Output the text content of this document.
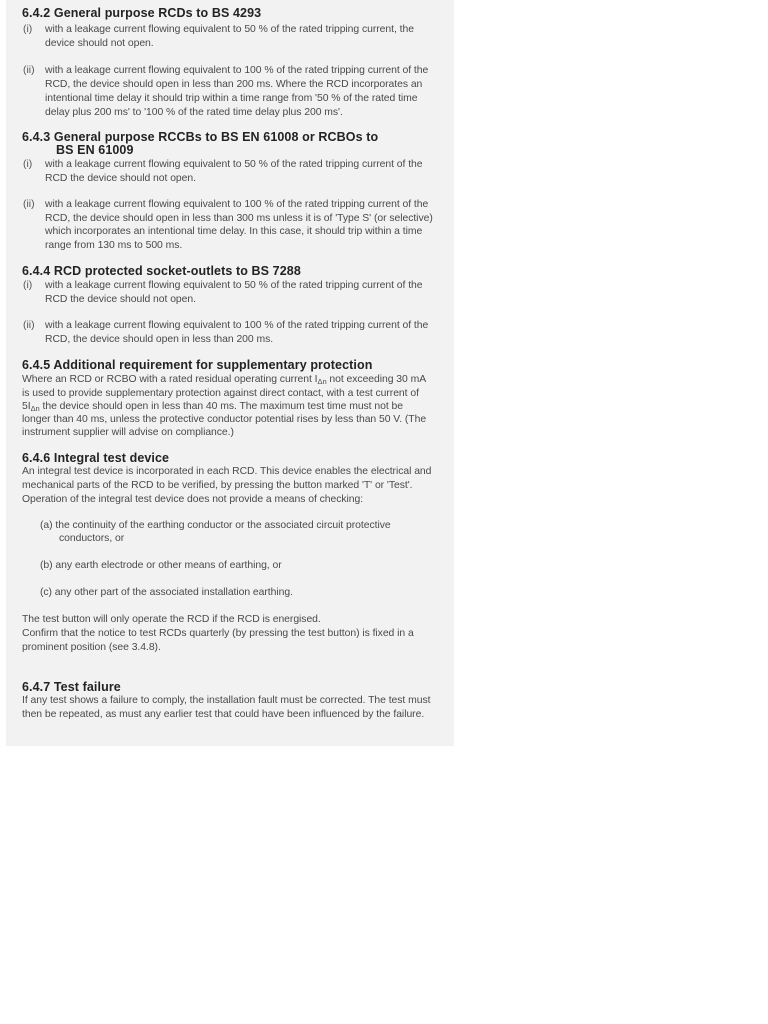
6.4.2 General purpose RCDs to BS 4293
(i) with a leakage current flowing equivalent to 50 % of the rated tripping current, the
device should not open.
(ii) with a leakage current flowing equivalent to 100 % of the rated tripping current of the
RCD, the device should open in less than 200 ms. Where the RCD incorporates an
intentional time delay it should trip within a time range from '50 % of the rated time
delay plus 200 ms' to '100 % of the rated time delay plus 200 ms'.
6.4.3 General purpose RCCBs to BS EN 61008 or RCBOs to
BS EN 61009
(i) with a leakage current flowing equivalent to 50 % of the rated tripping current of the
RCD the device should not open.
(ii) with a leakage current flowing equivalent to 100 % of the rated tripping current of the
RCD, the device should open in less than 300 ms unless it is of 'Type S' (or selective)
which incorporates an intentional time delay. In this case, it should trip within a time
range from 130 ms to 500 ms.
6.4.4 RCD protected socket-outlets to BS 7288
(i) with a leakage current flowing equivalent to 50 % of the rated tripping current of the
RCD the device should not open.
(ii) with a leakage current flowing equivalent to 100 % of the rated tripping current of the
RCD, the device should open in less than 200 ms.
6.4.5 Additional requirement for supplementary protection
Where an RCD or RCBO with a rated residual operating current $I_{\Delta n}$ not exceeding 30 mA
is used to provide supplementary protection against direct contact, with a test current of
$5I_{\Delta n}$ the device should open in less than 40 ms. The maximum test time must not be
longer than 40 ms, unless the protective conductor potential rises by less than 50 V. (The
instrument supplier will advise on compliance.)
6.4.6 Integral test device
An integral test device is incorporated in each RCD. This device enables the electrical and
mechanical parts of the RCD to be verified, by pressing the button marked 'T' or 'Test'.
Operation of the integral test device does not provide a means of checking:
(a) the continuity of the earthing conductor or the associated circuit protective
conductors, or
(b) any earth electrode or other means of earthing, or
(c) any other part of the associated installation earthing.
The test button will only operate the RCD if the RCD is energised.
Confirm that the notice to test RCDs quarterly (by pressing the test button) is fixed in a
prominent position (see 3.4.8).
6.4.7 Test failure
If any test shows a failure to comply, the installation fault must be corrected. The test must
then be repeated, as must any earlier test that could have been influenced by the failure.
